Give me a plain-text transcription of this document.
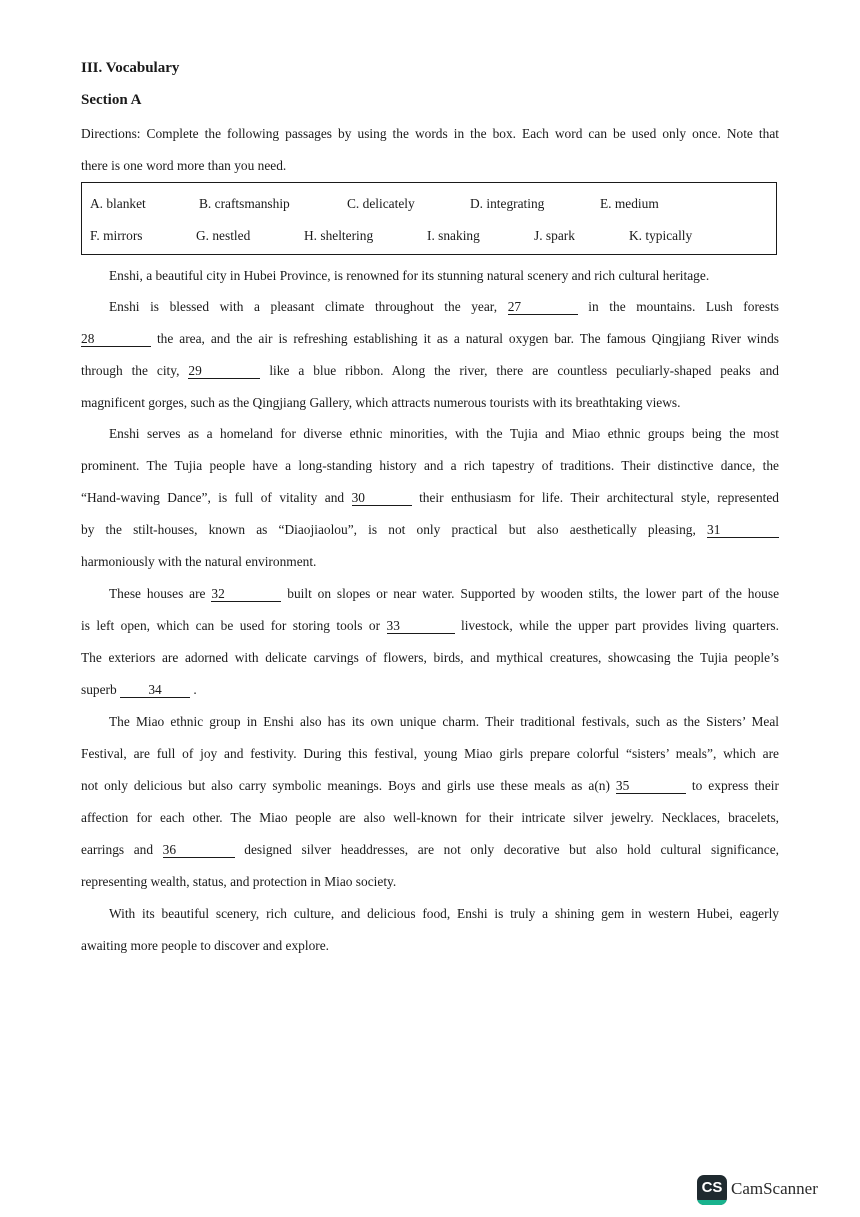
III. Vocabulary
Section A
Directions: Complete the following passages by using the words in the box. Each word can be used only once. Note that
there is one word more than you need.
A. blanket	B. craftsmanship	C. delicately	D. integrating	E. medium
F. mirrors	G. nestled	H. sheltering	I. snaking	J. spark	K. typically
Enshi, a beautiful city in Hubei Province, is renowned for its stunning natural scenery and rich cultural heritage.
Enshi is blessed with a pleasant climate throughout the year, 27	in the mountains. Lush forests
28	the area, and the air is refreshing establishing it as a natural oxygen bar. The famous Qingjiang River winds
through the city, 29	like a blue ribbon. Along the river, there are countless peculiarly-shaped peaks and
magnificent gorges, such as the Qingjiang Gallery, which attracts numerous tourists with its breathtaking views.
Enshi serves as a homeland for diverse ethnic minorities, with the Tujia and Miao ethnic groups being the most
prominent. The Tujia people have a long-standing history and a rich tapestry of traditions. Their distinctive dance, the
“Hand-waving Dance”, is full of vitality and 30	their enthusiasm for life. Their architectural style, represented
by the stilt-houses, known as “Diaojiaolou”, is not only practical but also aesthetically pleasing, 31
harmoniously with the natural environment.
These houses are 32	built on slopes or near water. Supported by wooden stilts, the lower part of the house
is left open, which can be used for storing tools or 33	livestock, while the upper part provides living quarters.
The exteriors are adorned with delicate carvings of flowers, birds, and mythical creatures, showcasing the Tujia people’s
superb 34 .
The Miao ethnic group in Enshi also has its own unique charm. Their traditional festivals, such as the Sisters’ Meal
Festival, are full of joy and festivity. During this festival, young Miao girls prepare colorful “sisters’ meals”, which are
not only delicious but also carry symbolic meanings. Boys and girls use these meals as a(n) 35	to express their
affection for each other. The Miao people are also well-known for their intricate silver jewelry. Necklaces, bracelets,
earrings and 36	designed silver headdresses, are not only decorative but also hold cultural significance,
representing wealth, status, and protection in Miao society.
With its beautiful scenery, rich culture, and delicious food, Enshi is truly a shining gem in western Hubei, eagerly
awaiting more people to discover and explore.
CS CamScanner
